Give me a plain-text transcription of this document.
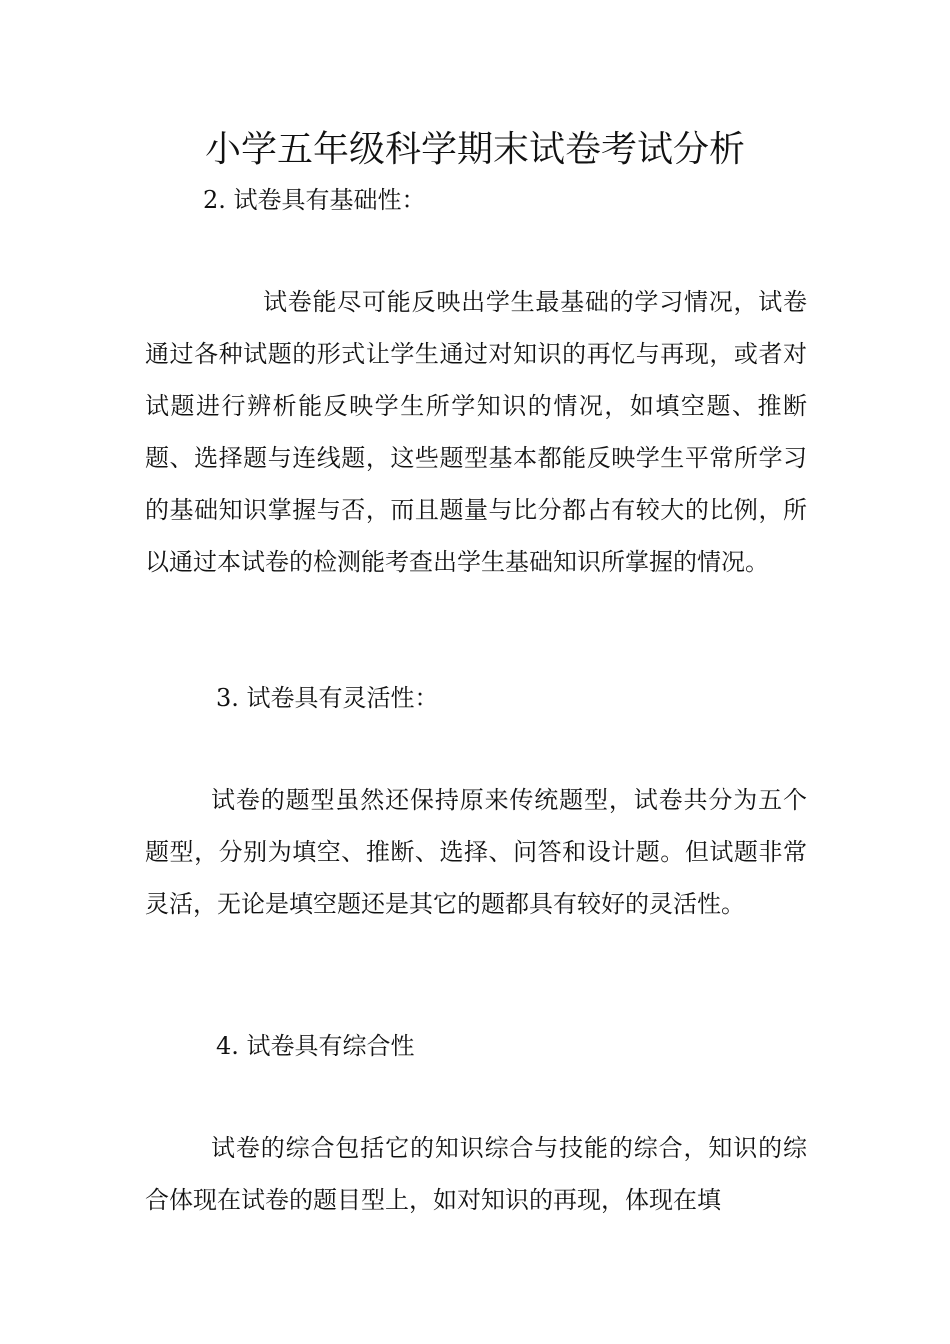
小学五年级科学期末试卷考试分析

2. 试卷具有基础性：

试卷能尽可能反映出学生最基础的学习情况，试卷通过各种试题的形式让学生通过对知识的再忆与再现，或者对试题进行辨析能反映学生所学知识的情况，如填空题、推断题、选择题与连线题，这些题型基本都能反映学生平常所学习的基础知识掌握与否，而且题量与比分都占有较大的比例，所以通过本试卷的检测能考查出学生基础知识所掌握的情况。

3. 试卷具有灵活性：

试卷的题型虽然还保持原来传统题型，试卷共分为五个题型，分别为填空、推断、选择、问答和设计题。但试题非常灵活，无论是填空题还是其它的题都具有较好的灵活性。

4. 试卷具有综合性

试卷的综合包括它的知识综合与技能的综合，知识的综合体现在试卷的题目型上，如对知识的再现，体现在填
